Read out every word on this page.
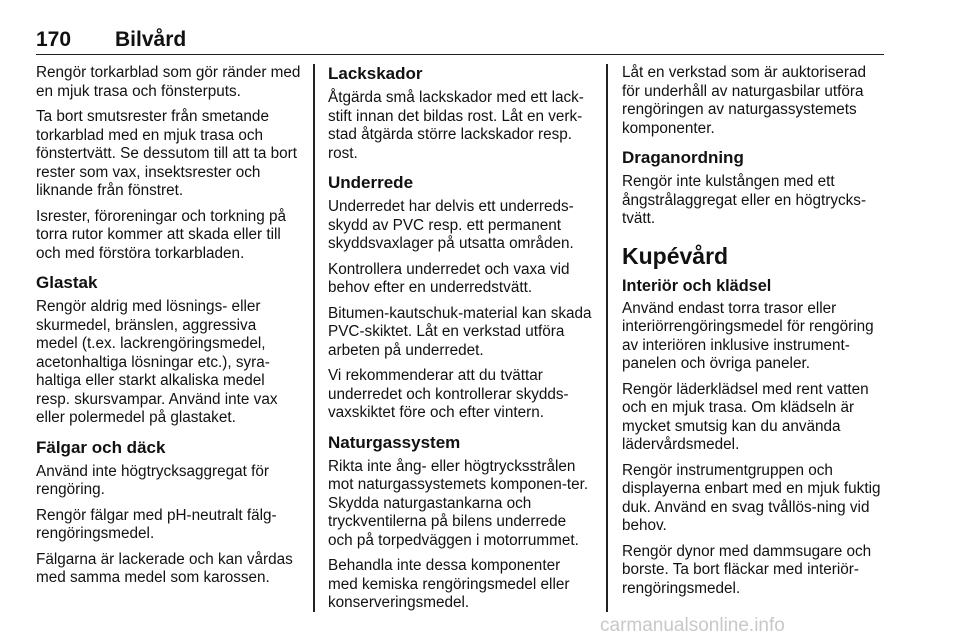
170 Bilvård

Rengör torkarblad som gör ränder med en mjuk trasa och fönsterputs.

Ta bort smutsrester från smetande torkarblad med en mjuk trasa och fönstertvätt. Se dessutom till att ta bort rester som vax, insektsrester och liknande från fönstret.

Isrester, föroreningar och torkning på torra rutor kommer att skada eller till och med förstöra torkarbladen.

Glastak

Rengör aldrig med lösnings- eller skurmedel, bränslen, aggressiva medel (t.ex. lackrengöringsmedel, acetonhaltiga lösningar etc.), syra-haltiga eller starkt alkaliska medel resp. skursvampar. Använd inte vax eller polermedel på glastaket.

Fälgar och däck

Använd inte högtrycksaggregat för rengöring.

Rengör fälgar med pH-neutralt fälg-rengöringsmedel.

Fälgarna är lackerade och kan vårdas med samma medel som karossen.

Lackskador

Åtgärda små lackskador med ett lack-stift innan det bildas rost. Låt en verk-stad åtgärda större lackskador resp. rost.

Underrede

Underredet har delvis ett underreds-skydd av PVC resp. ett permanent skyddsvaxlager på utsatta områden.

Kontrollera underredet och vaxa vid behov efter en underredstvätt.

Bitumen-kautschuk-material kan skada PVC-skiktet. Låt en verkstad utföra arbeten på underredet.

Vi rekommenderar att du tvättar underredet och kontrollerar skydds-vaxskiktet före och efter vintern.

Naturgassystem

Rikta inte ång- eller högtrycksstrålen mot naturgassystemets komponen-ter. Skydda naturgastankarna och tryckventilerna på bilens underrede och på torpedväggen i motorrummet.

Behandla inte dessa komponenter med kemiska rengöringsmedel eller konserveringsmedel.

Låt en verkstad som är auktoriserad för underhåll av naturgasbilar utföra rengöringen av naturgassystemets komponenter.

Draganordning

Rengör inte kulstången med ett ångstrålaggregat eller en högtrycks-tvätt.

Kupévård
Interiör och klädsel

Använd endast torra trasor eller interiörrengöringsmedel för rengöring av interiören inklusive instrument-panelen och övriga paneler.

Rengör läderklädsel med rent vatten och en mjuk trasa. Om klädseln är mycket smutsig kan du använda lädervårdsmedel.

Rengör instrumentgruppen och displayerna enbart med en mjuk fuktig duk. Använd en svag tvållös-ning vid behov.

Rengör dynor med dammsugare och borste. Ta bort fläckar med interiör-rengöringsmedel.

carmanualsonline.info
